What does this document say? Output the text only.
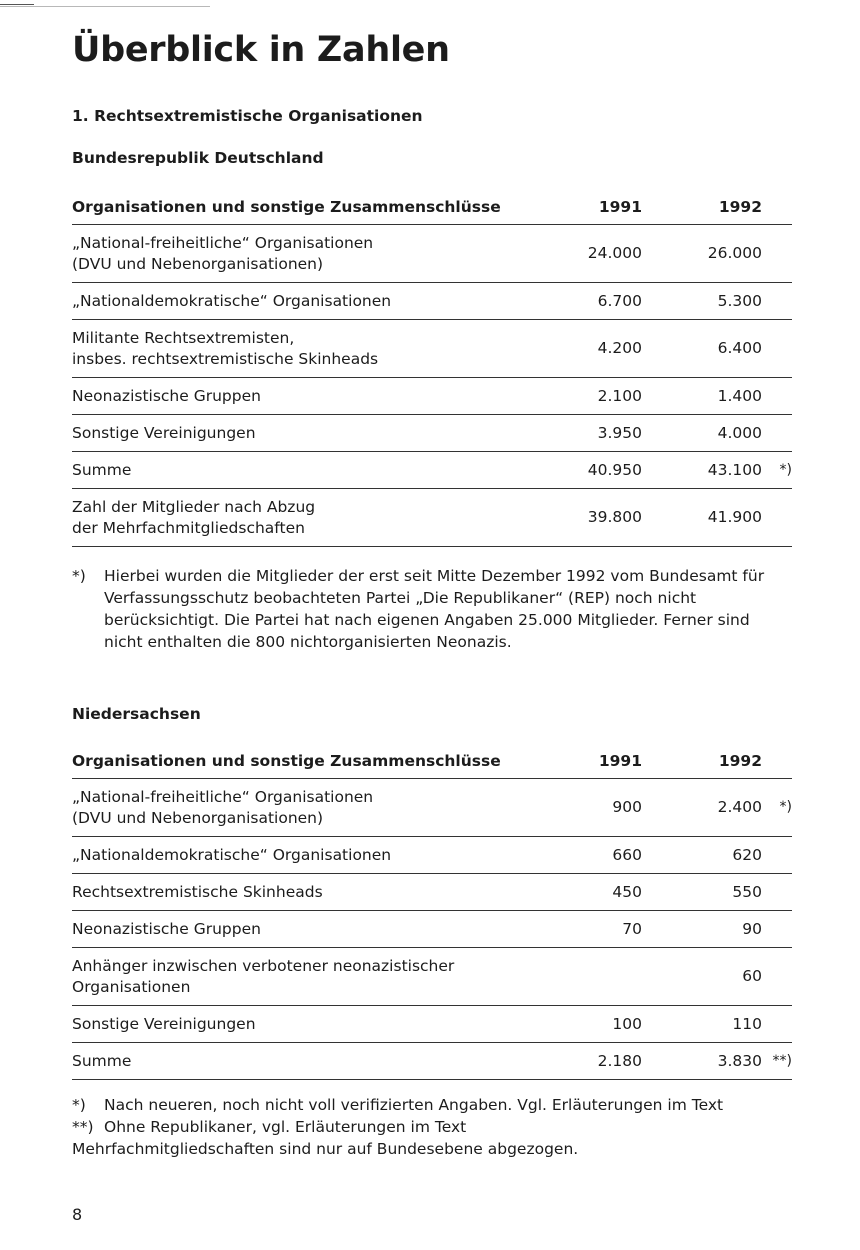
Überblick in Zahlen
1. Rechtsextremistische Organisationen
Bundesrepublik Deutschland
Organisationen und sonstige Zusammenschlüsse	1991	1992	

„National-freiheitliche“ Organisationen
(DVU und Nebenorganisationen)	24.000	26.000	

„Nationaldemokratische“ Organisationen	6.700	5.300	

Militante Rechtsextremisten,
insbes. rechtsextremistische Skinheads	4.200	6.400	

Neonazistische Gruppen	2.100	1.400	

Sonstige Vereinigungen	3.950	4.000	

Summe	40.950	43.100	*)

Zahl der Mitglieder nach Abzug
der Mehrfachmitgliedschaften	39.800	41.900	
*)	Hierbei wurden die Mitglieder der erst seit Mitte Dezember 1992 vom Bundesamt für Verfassungsschutz beobachteten Partei „Die Republikaner“ (REP) noch nicht berücksichtigt. Die Partei hat nach eigenen Angaben 25.000 Mitglieder. Ferner sind nicht enthalten die 800 nichtorganisierten Neonazis.
Niedersachsen
Organisationen und sonstige Zusammenschlüsse	1991	1992	

„National-freiheitliche“ Organisationen
(DVU und Nebenorganisationen)	900	2.400	*)

„Nationaldemokratische“ Organisationen	660	620	

Rechtsextremistische Skinheads	450	550	

Neonazistische Gruppen	70	90	

Anhänger inzwischen verbotener neonazistischer
Organisationen		60	

Sonstige Vereinigungen	100	110	

Summe	2.180	3.830	**)
*)	Nach neueren, noch nicht voll verifizierten Angaben. Vgl. Erläuterungen im Text
**) Ohne Republikaner, vgl. Erläuterungen im Text
Mehrfachmitgliedschaften sind nur auf Bundesebene abgezogen.
8
